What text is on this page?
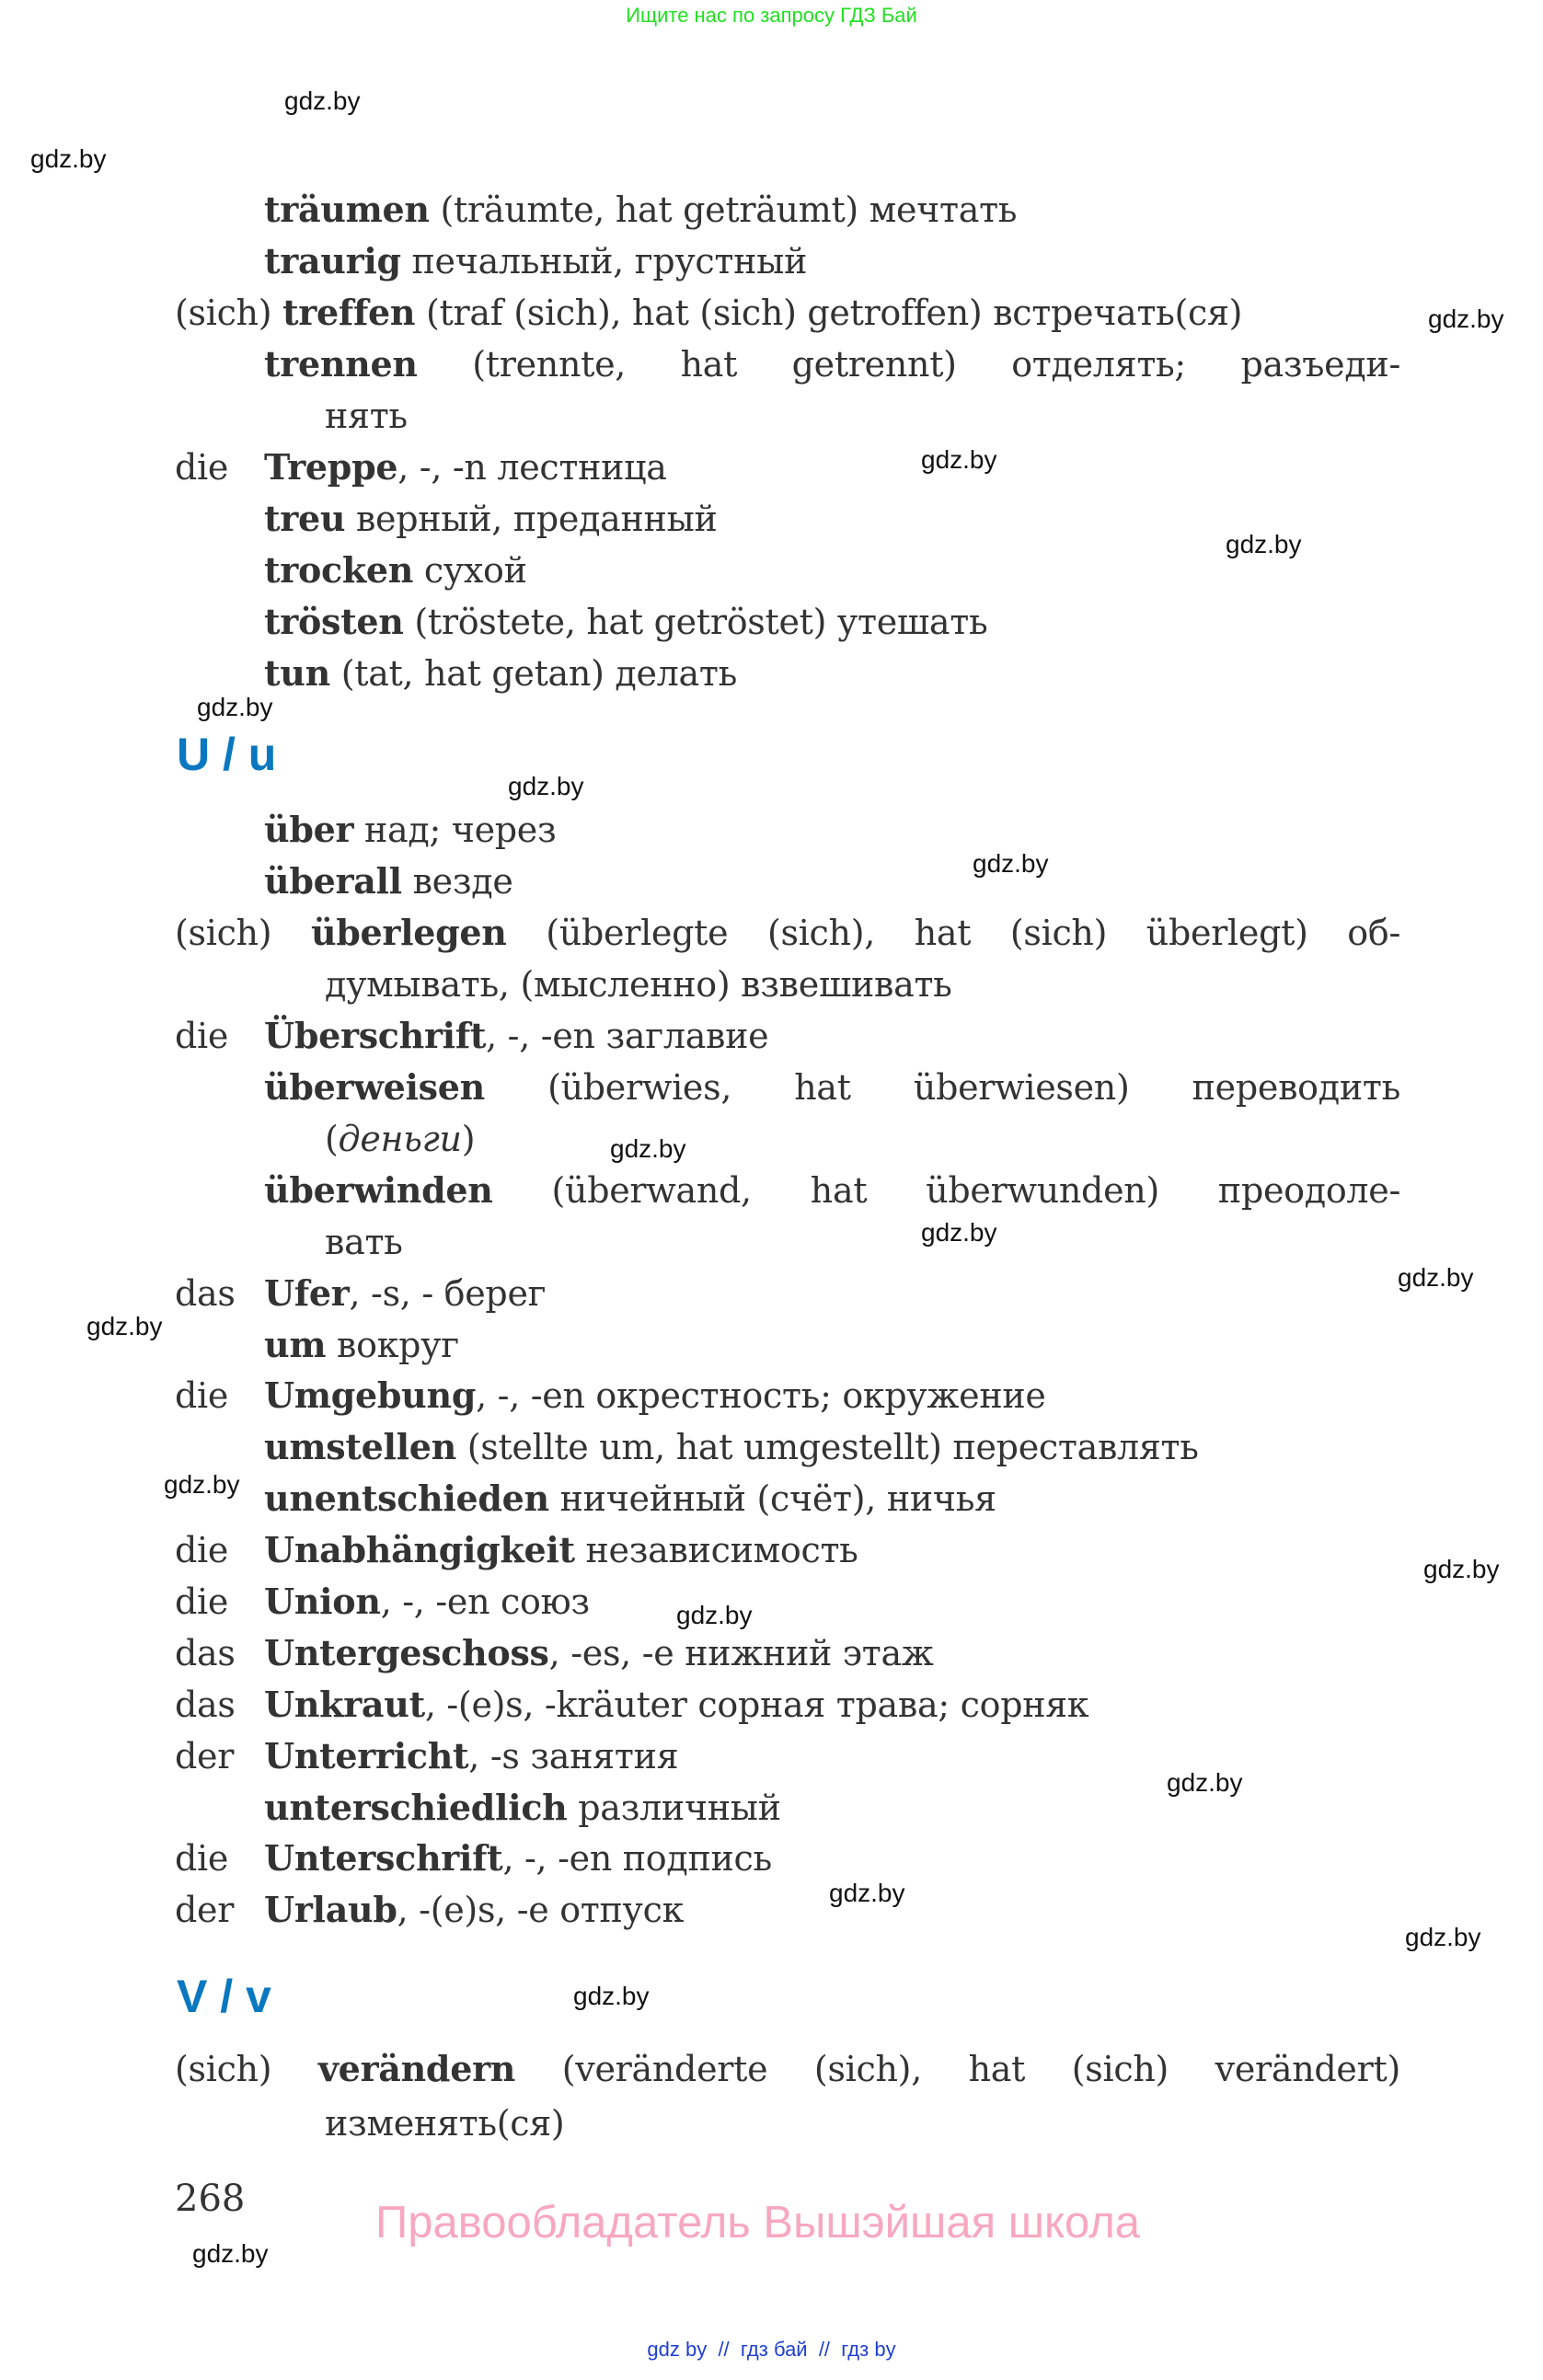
Ищите нас по запросу ГДЗ Бай
gdz.by
gdz.by
gdz.by
gdz.by
gdz.by
gdz.by
gdz.by
gdz.by
gdz.by
gdz.by
gdz.by
gdz.by
gdz.by
gdz.by
gdz.by
gdz.by
gdz.by
gdz.by
gdz.by
gdz.by
U / u
V / v
träumen (träumte, hat geträumt) мечтать
traurig печальный, грустный
(sich) treffen (traf (sich), hat (sich) getroffen) встречать(ся)
trennen (trennte, hat getrennt) отделять; разъеди-
нять
die Treppe, -, -n лестница
treu верный, преданный
trocken сухой
trösten (tröstete, hat getröstet) утешать
tun (tat, hat getan) делать
über над; через
überall везде
(sich) überlegen (überlegte (sich), hat (sich) überlegt) об-
думывать, (мысленно) взвешивать
die Überschrift, -, -en заглавие
überweisen (überwies, hat überwiesen) переводить
(деньги)
überwinden (überwand, hat überwunden) преодоле-
вать
das Ufer, -s, - берег
um вокруг
die Umgebung, -, -en окрестность; окружение
umstellen (stellte um, hat umgestellt) переставлять
unentschieden ничейный (счёт), ничья
die Unabhängigkeit независимость
die Union, -, -en союз
das Untergeschoss, -es, -e нижний этаж
das Unkraut, -(e)s, -kräuter сорная трава; сорняк
der Unterricht, -s занятия
unterschiedlich различный
die Unterschrift, -, -en подпись
der Urlaub, -(e)s, -e отпуск
(sich) verändern (veränderte (sich), hat (sich) verändert)
изменять(ся)
268	Правообладатель Вышэйшая школа
gdz by  //  гдз бай  //  гдз by
